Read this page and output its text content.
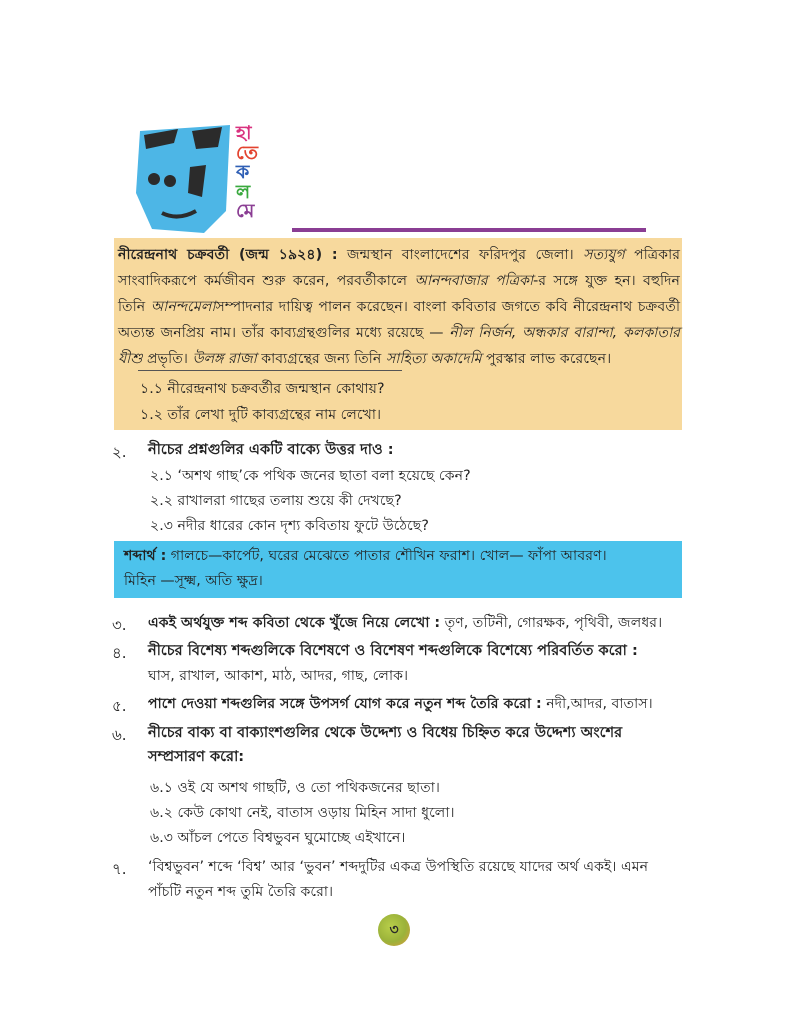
হা
তে
ক
ল
মে
নীরেন্দ্রনাথ চক্রবর্তী (জন্ম ১৯২৪) : জন্মস্থান বাংলাদেশের ফরিদপুর জেলা। সত্যযুগ পত্রিকার সাংবাদিকরূপে কর্মজীবন শুরু করেন, পরবর্তীকালে আনন্দবাজার পত্রিকা-র সঙ্গে যুক্ত হন। বহুদিন তিনি আনন্দমেলাসম্পাদনার দায়িত্ব পালন করেছেন। বাংলা কবিতার জগতে কবি নীরেন্দ্রনাথ চক্রবর্তী অত্যন্ত জনপ্রিয় নাম। তাঁর কাব্যগ্রন্থগুলির মধ্যে রয়েছে — নীল নির্জন, অন্ধকার বারান্দা, কলকাতার যীশু প্রভৃতি। উলঙ্গ রাজা কাব্যগ্রন্থের জন্য তিনি সাহিত্য অকাদেমি পুরস্কার লাভ করেছেন।
১.১ নীরেন্দ্রনাথ চক্রবর্তীর জন্মস্থান কোথায়?
১.২ তাঁর লেখা দুটি কাব্যগ্রন্থের নাম লেখো।
২. নীচের প্রশ্নগুলির একটি বাক্যে উত্তর দাও :
২.১ ‘অশথ গাছ’কে পথিক জনের ছাতা বলা হয়েছে কেন?
২.২ রাখালরা গাছের তলায় শুয়ে কী দেখছে?
২.৩ নদীর ধারের কোন দৃশ্য কবিতায় ফুটে উঠেছে?
শব্দার্থ : গালচে—কার্পেট, ঘরের মেঝেতে পাতার শৌখিন ফরাশ। খোল— ফাঁপা আবরণ।
মিহিন —সূক্ষ্ম, অতি ক্ষুদ্র।
৩. একই অর্থযুক্ত শব্দ কবিতা থেকে খুঁজে নিয়ে লেখো : তৃণ, তটিনী, গোরক্ষক, পৃথিবী, জলধর।
৪. নীচের বিশেষ্য শব্দগুলিকে বিশেষণে ও বিশেষণ শব্দগুলিকে বিশেষ্যে পরিবর্তিত করো :
ঘাস, রাখাল, আকাশ, মাঠ, আদর, গাছ, লোক।
৫. পাশে দেওয়া শব্দগুলির সঙ্গে উপসর্গ যোগ করে নতুন শব্দ তৈরি করো : নদী,আদর, বাতাস।
৬. নীচের বাক্য বা বাক্যাংশগুলির থেকে উদ্দেশ্য ও বিধেয় চিহ্নিত করে উদ্দেশ্য অংশের
সম্প্রসারণ করো:
৬.১ ওই যে অশথ গাছটি, ও তো পথিকজনের ছাতা।
৬.২ কেউ কোথা নেই, বাতাস ওড়ায় মিহিন সাদা ধুলো।
৬.৩ আঁচল পেতে বিশ্বভুবন ঘুমোচ্ছে এইখানে।
৭. ‘বিশ্বভুবন’ শব্দে ‘বিশ্ব’ আর ‘ভুবন’ শব্দদুটির একত্র উপস্থিতি রয়েছে যাদের অর্থ একই। এমন
পাঁচটি নতুন শব্দ তুমি তৈরি করো।
৩
